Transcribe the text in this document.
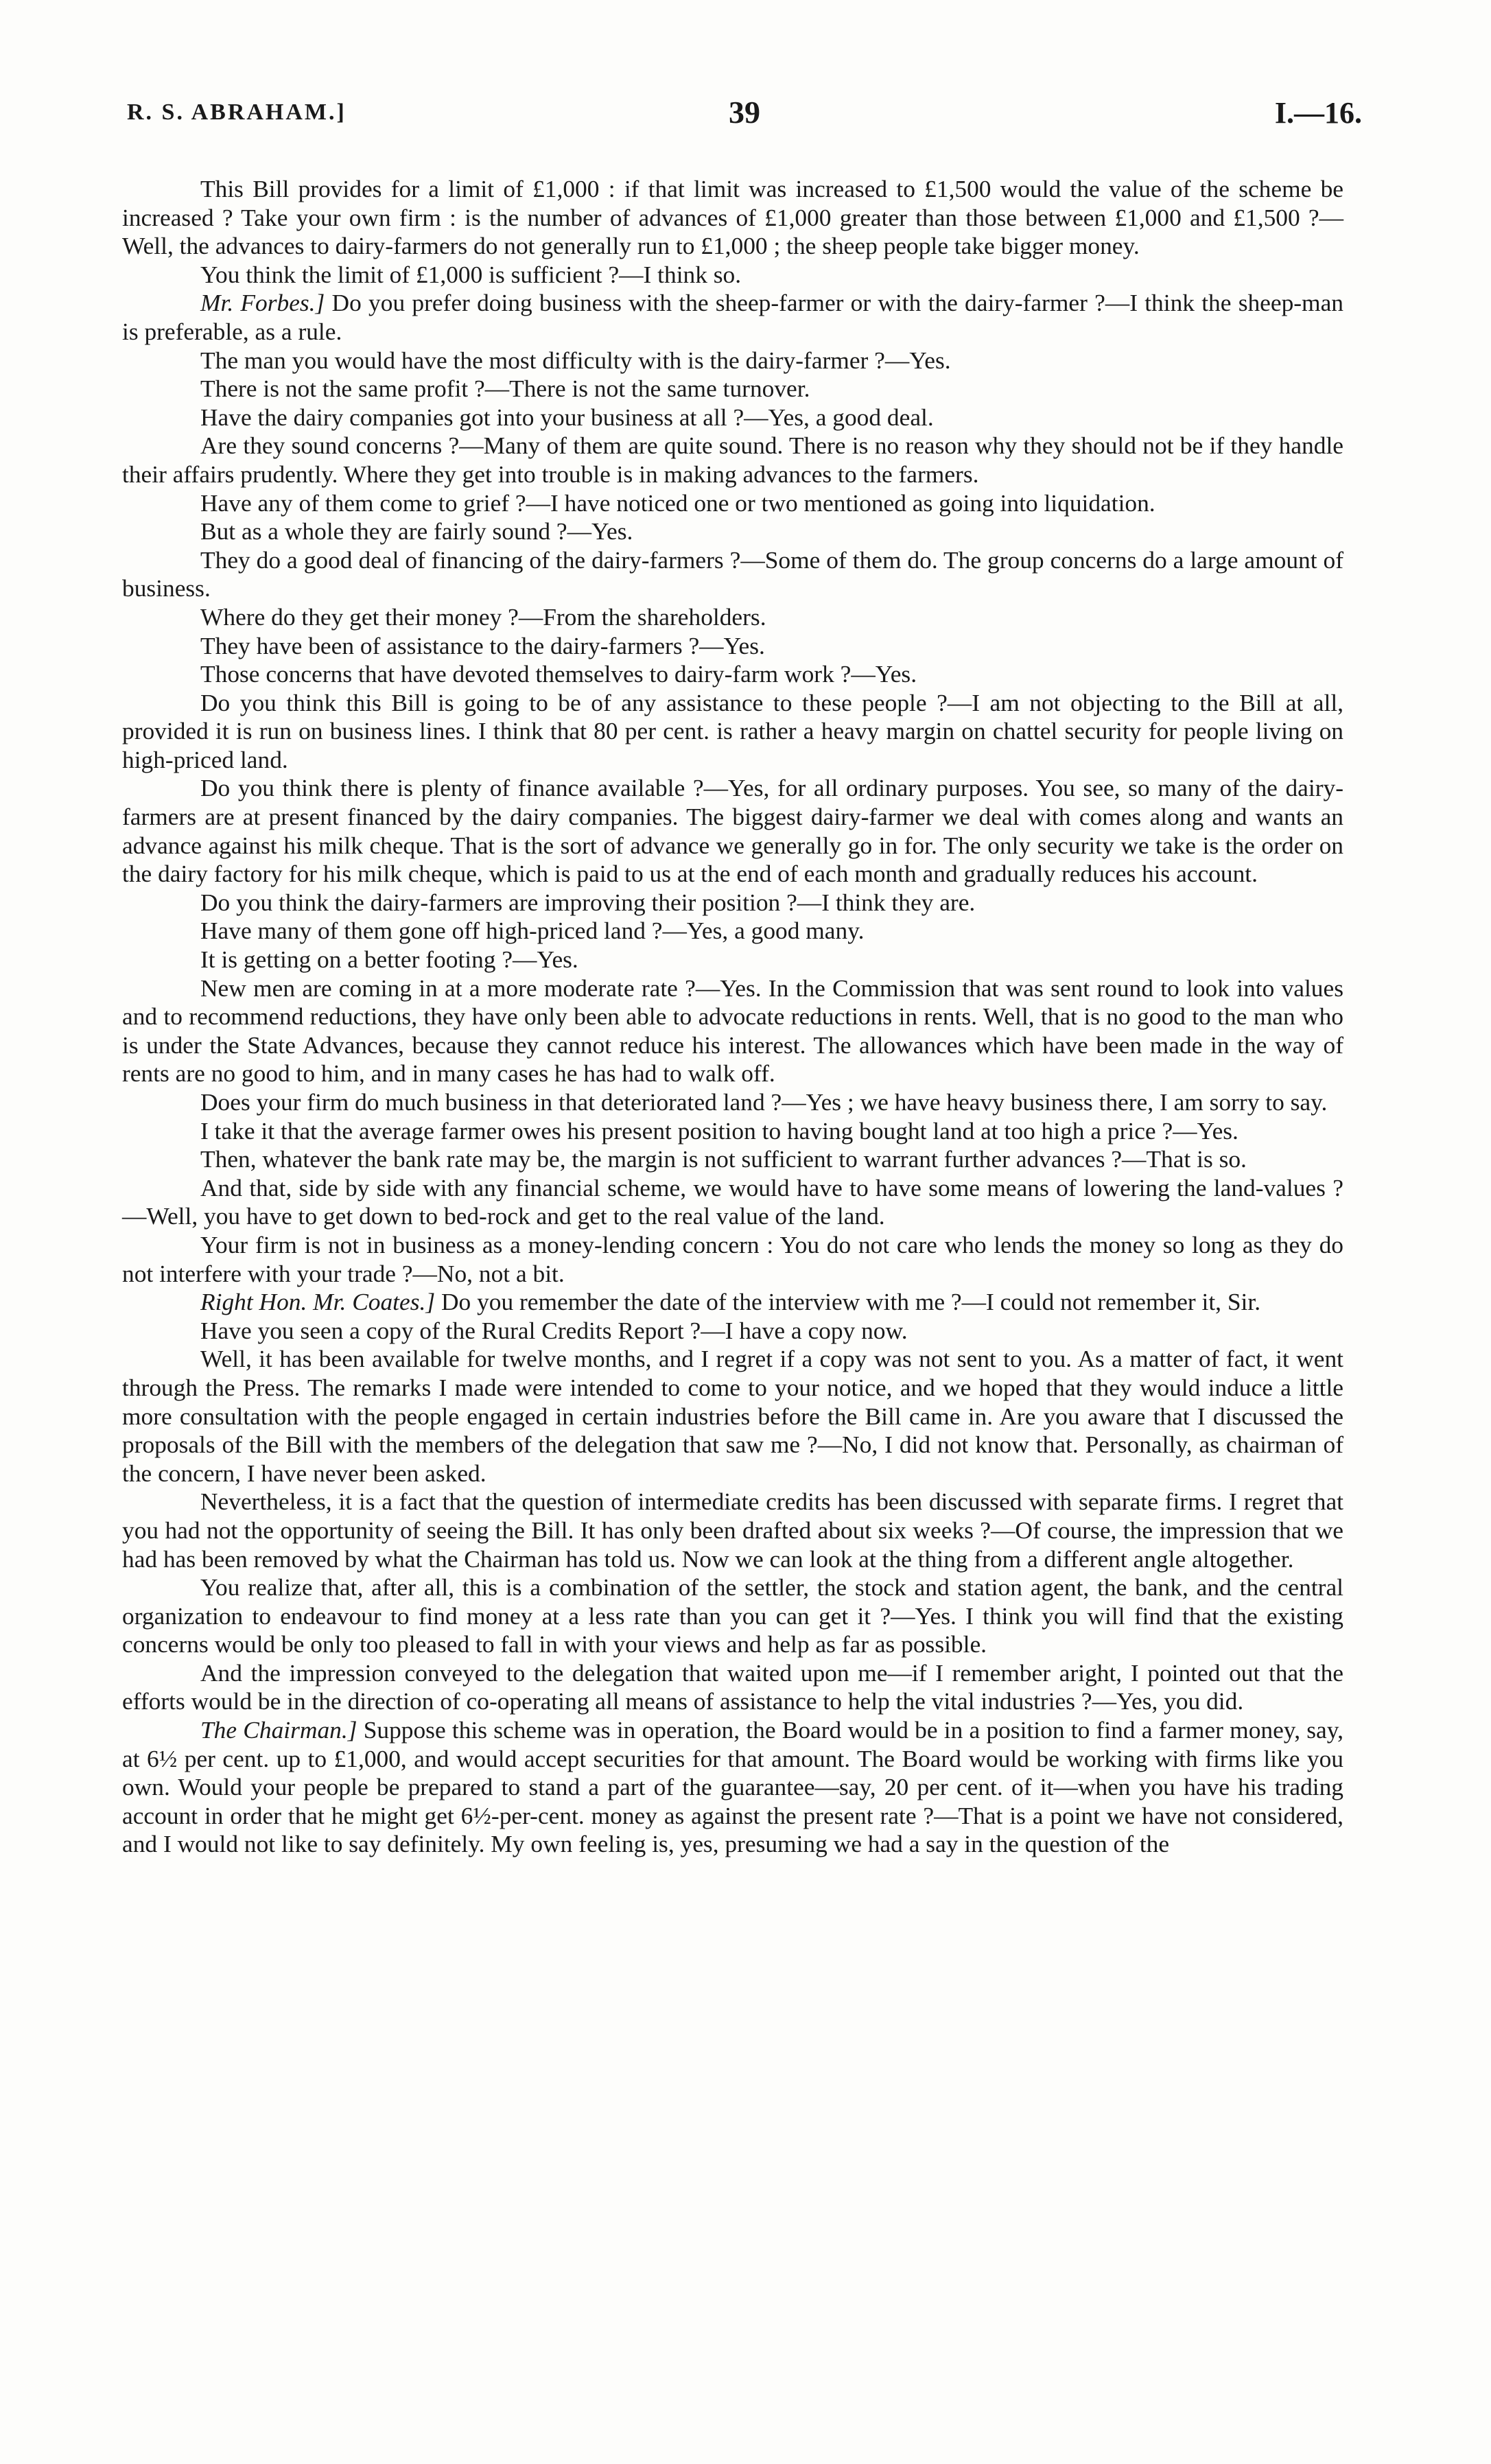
R. S. ABRAHAM.]	39	I.—16.

This Bill provides for a limit of £1,000 : if that limit was increased to £1,500 would the value of the scheme be increased ? Take your own firm : is the number of advances of £1,000 greater than those between £1,000 and £1,500 ?—Well, the advances to dairy-farmers do not generally run to £1,000 ; the sheep people take bigger money.

You think the limit of £1,000 is sufficient ?—I think so.

Mr. Forbes.] Do you prefer doing business with the sheep-farmer or with the dairy-farmer ?—I think the sheep-man is preferable, as a rule.

The man you would have the most difficulty with is the dairy-farmer ?—Yes.

There is not the same profit ?—There is not the same turnover.

Have the dairy companies got into your business at all ?—Yes, a good deal.

Are they sound concerns ?—Many of them are quite sound. There is no reason why they should not be if they handle their affairs prudently. Where they get into trouble is in making advances to the farmers.

Have any of them come to grief ?—I have noticed one or two mentioned as going into liquidation.

But as a whole they are fairly sound ?—Yes.

They do a good deal of financing of the dairy-farmers ?—Some of them do. The group concerns do a large amount of business.

Where do they get their money ?—From the shareholders.

They have been of assistance to the dairy-farmers ?—Yes.

Those concerns that have devoted themselves to dairy-farm work ?—Yes.

Do you think this Bill is going to be of any assistance to these people ?—I am not objecting to the Bill at all, provided it is run on business lines. I think that 80 per cent. is rather a heavy margin on chattel security for people living on high-priced land.

Do you think there is plenty of finance available ?—Yes, for all ordinary purposes. You see, so many of the dairy-farmers are at present financed by the dairy companies. The biggest dairy-farmer we deal with comes along and wants an advance against his milk cheque. That is the sort of advance we generally go in for. The only security we take is the order on the dairy factory for his milk cheque, which is paid to us at the end of each month and gradually reduces his account.

Do you think the dairy-farmers are improving their position ?—I think they are.

Have many of them gone off high-priced land ?—Yes, a good many.

It is getting on a better footing ?—Yes.

New men are coming in at a more moderate rate ?—Yes. In the Commission that was sent round to look into values and to recommend reductions, they have only been able to advocate reductions in rents. Well, that is no good to the man who is under the State Advances, because they cannot reduce his interest. The allowances which have been made in the way of rents are no good to him, and in many cases he has had to walk off.

Does your firm do much business in that deteriorated land ?—Yes ; we have heavy business there, I am sorry to say.

I take it that the average farmer owes his present position to having bought land at too high a price ?—Yes.

Then, whatever the bank rate may be, the margin is not sufficient to warrant further advances ?—That is so.

And that, side by side with any financial scheme, we would have to have some means of lowering the land-values ?—Well, you have to get down to bed-rock and get to the real value of the land.

Your firm is not in business as a money-lending concern : You do not care who lends the money so long as they do not interfere with your trade ?—No, not a bit.

Right Hon. Mr. Coates.] Do you remember the date of the interview with me ?—I could not remember it, Sir.

Have you seen a copy of the Rural Credits Report ?—I have a copy now.

Well, it has been available for twelve months, and I regret if a copy was not sent to you. As a matter of fact, it went through the Press. The remarks I made were intended to come to your notice, and we hoped that they would induce a little more consultation with the people engaged in certain industries before the Bill came in. Are you aware that I discussed the proposals of the Bill with the members of the delegation that saw me ?—No, I did not know that. Personally, as chairman of the concern, I have never been asked.

Nevertheless, it is a fact that the question of intermediate credits has been discussed with separate firms. I regret that you had not the opportunity of seeing the Bill. It has only been drafted about six weeks ?—Of course, the impression that we had has been removed by what the Chairman has told us. Now we can look at the thing from a different angle altogether.

You realize that, after all, this is a combination of the settler, the stock and station agent, the bank, and the central organization to endeavour to find money at a less rate than you can get it ?—Yes. I think you will find that the existing concerns would be only too pleased to fall in with your views and help as far as possible.

And the impression conveyed to the delegation that waited upon me—if I remember aright, I pointed out that the efforts would be in the direction of co-operating all means of assistance to help the vital industries ?—Yes, you did.

The Chairman.] Suppose this scheme was in operation, the Board would be in a position to find a farmer money, say, at 6½ per cent. up to £1,000, and would accept securities for that amount. The Board would be working with firms like you own. Would your people be prepared to stand a part of the guarantee—say, 20 per cent. of it—when you have his trading account in order that he might get 6½-per-cent. money as against the present rate ?—That is a point we have not considered, and I would not like to say definitely. My own feeling is, yes, presuming we had a say in the question of the
